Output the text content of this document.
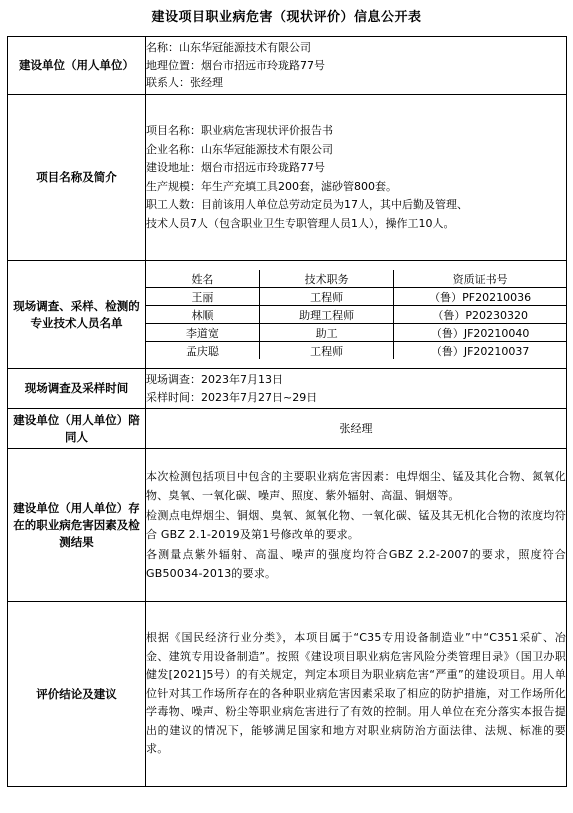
建设项目职业病危害（现状评价）信息公开表
建设单位（用人单位）	
名称：山东华冠能源技术有限公司
地理位置：烟台市招远市玲珑路77号
联系人：张经理

项目名称及简介	
项目名称：职业病危害现状评价报告书
企业名称：山东华冠能源技术有限公司
建设地址：烟台市招远市玲珑路77号
生产规模：年生产充填工具200套，滤砂管800套。
职工人数：目前该用人单位总劳动定员为17人，其中后勤及管理、
技术人员7人（包含职业卫生专职管理人员1人），操作工10人。

现场调查、采样、检测的专业技术人员名单	
姓名	技术职务	资质证书号
王丽	工程师	（鲁）PF20210036
林顺	助理工程师	（鲁）P20230320
李道宽	助工	（鲁）JF20210040
孟庆聪	工程师	（鲁）JF20210037

现场调查及采样时间	
现场调查：2023年7月13日
采样时间：2023年7月27日~29日

建设单位（用人单位）陪同人	张经理
建设单位（用人单位）存在的职业病危害因素及检测结果	
本次检测包括项目中包含的主要职业病危害因素：电焊烟尘、锰及其化合物、氮氧化物、臭氧、一氧化碳、噪声、照度、紫外辐射、高温、铜烟等。
检测点电焊烟尘、铜烟、臭氧、氮氧化物、一氧化碳、锰及其无机化合物的浓度均符合 GBZ 2.1-2019及第1号修改单的要求。
各测量点紫外辐射、高温、噪声的强度均符合GBZ 2.2-2007的要求，照度符合GB50034-2013的要求。

评价结论及建议	
根据《国民经济行业分类》，本项目属于“C35专用设备制造业”中“C351采矿、冶金、建筑专用设备制造”。按照《建设项目职业病危害风险分类管理目录》（国卫办职健发[2021]5号）的有关规定，判定本项目为职业病危害“严重”的建设项目。用人单位针对其工作场所存在的各种职业病危害因素采取了相应的防护措施，对工作场所化学毒物、噪声、粉尘等职业病危害进行了有效的控制。用人单位在充分落实本报告提出的建议的情况下，能够满足国家和地方对职业病防治方面法律、法规、标准的要求。
